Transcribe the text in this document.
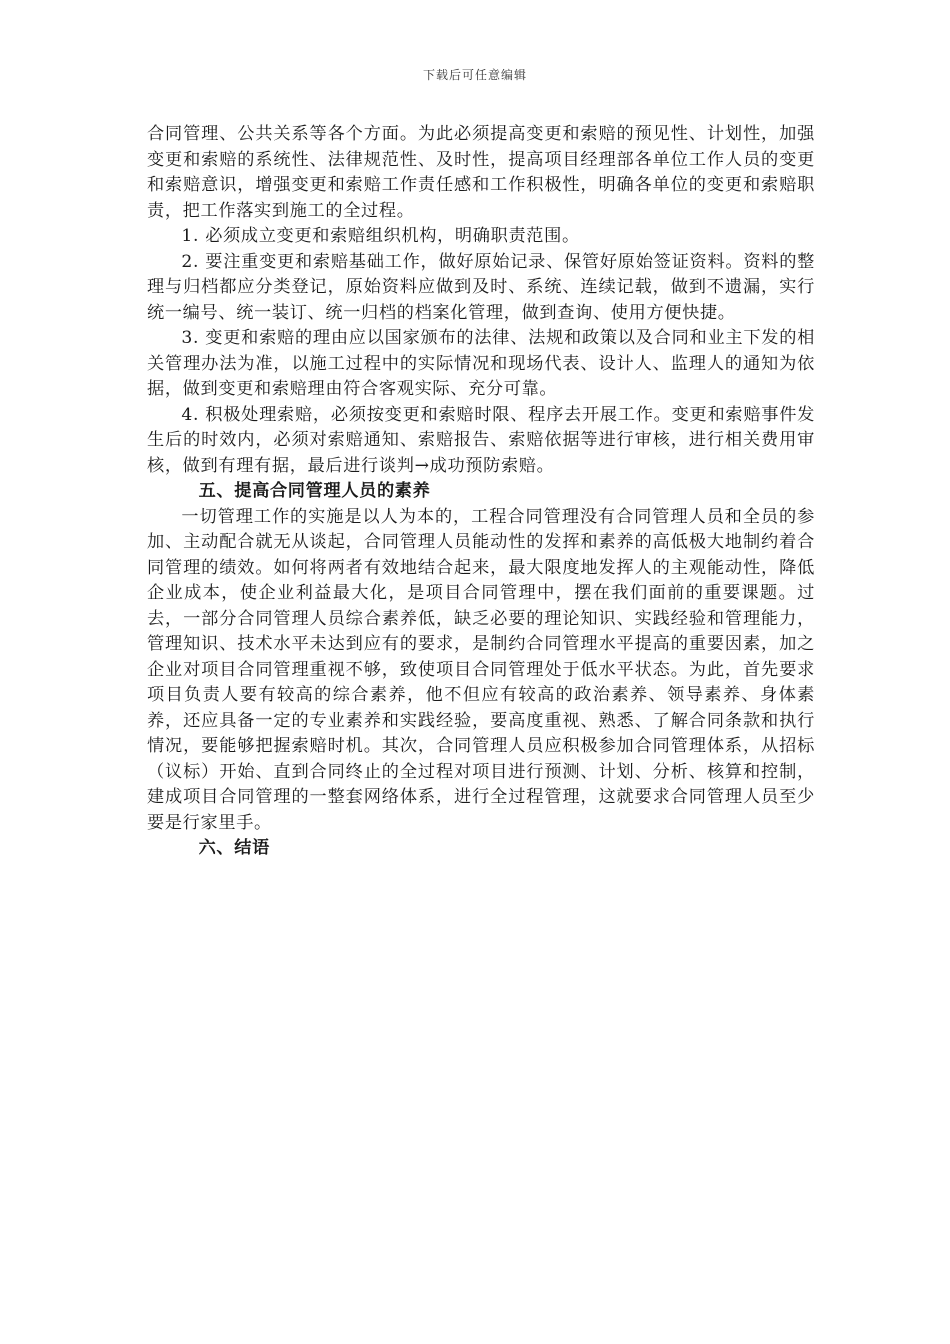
下载后可任意编辑

合同管理、公共关系等各个方面。为此必须提高变更和索赔的预见性、计划性，加强变更和索赔的系统性、法律规范性、及时性，提高项目经理部各单位工作人员的变更和索赔意识，增强变更和索赔工作责任感和工作积极性，明确各单位的变更和索赔职责，把工作落实到施工的全过程。

1. 必须成立变更和索赔组织机构，明确职责范围。

2. 要注重变更和索赔基础工作，做好原始记录、保管好原始签证资料。资料的整理与归档都应分类登记，原始资料应做到及时、系统、连续记载，做到不遗漏，实行统一编号、统一装订、统一归档的档案化管理，做到查询、使用方便快捷。

3. 变更和索赔的理由应以国家颁布的法律、法规和政策以及合同和业主下发的相关管理办法为准，以施工过程中的实际情况和现场代表、设计人、监理人的通知为依据，做到变更和索赔理由符合客观实际、充分可靠。

4. 积极处理索赔，必须按变更和索赔时限、程序去开展工作。变更和索赔事件发生后的时效内，必须对索赔通知、索赔报告、索赔依据等进行审核，进行相关费用审核，做到有理有据，最后进行谈判→成功预防索赔。

五、提高合同管理人员的素养

一切管理工作的实施是以人为本的，工程合同管理没有合同管理人员和全员的参加、主动配合就无从谈起，合同管理人员能动性的发挥和素养的高低极大地制约着合同管理的绩效。如何将两者有效地结合起来，最大限度地发挥人的主观能动性，降低企业成本，使企业利益最大化，是项目合同管理中，摆在我们面前的重要课题。过去，一部分合同管理人员综合素养低，缺乏必要的理论知识、实践经验和管理能力，管理知识、技术水平未达到应有的要求，是制约合同管理水平提高的重要因素，加之企业对项目合同管理重视不够，致使项目合同管理处于低水平状态。为此，首先要求项目负责人要有较高的综合素养，他不但应有较高的政治素养、领导素养、身体素养，还应具备一定的专业素养和实践经验，要高度重视、熟悉、了解合同条款和执行情况，要能够把握索赔时机。其次，合同管理人员应积极参加合同管理体系，从招标（议标）开始、直到合同终止的全过程对项目进行预测、计划、分析、核算和控制，建成项目合同管理的一整套网络体系，进行全过程管理，这就要求合同管理人员至少要是行家里手。

六、结语
